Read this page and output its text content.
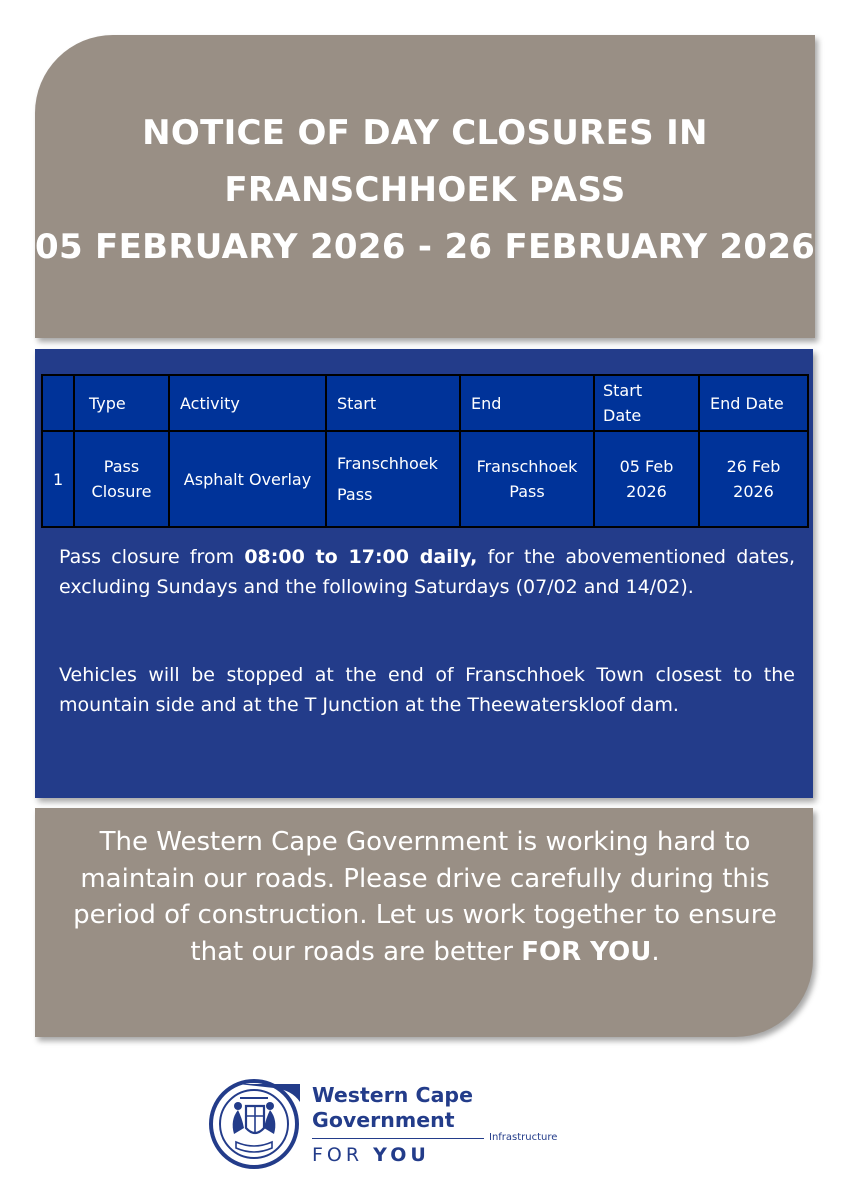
NOTICE OF DAY CLOSURES IN
FRANSCHHOEK PASS
05 FEBRUARY 2026 - 26 FEBRUARY 2026
	Type	Activity	Start	End	Start Date	End Date
1	Pass Closure	Asphalt Overlay	Franschhoek Pass	Franschhoek Pass	05 Feb 2026	26 Feb 2026

Pass closure from 08:00 to 17:00 daily, for the abovementioned dates, excluding Sundays and the following Saturdays (07/02 and 14/02).

Vehicles will be stopped at the end of Franschhoek Town closest to the mountain side and at the T Junction at the Theewaterskloof dam.

The Western Cape Government is working hard to maintain our roads. Please drive carefully during this period of construction. Let us work together to ensure that our roads are better FOR YOU.

Western Cape
Government
Infrastructure
FOR YOU
